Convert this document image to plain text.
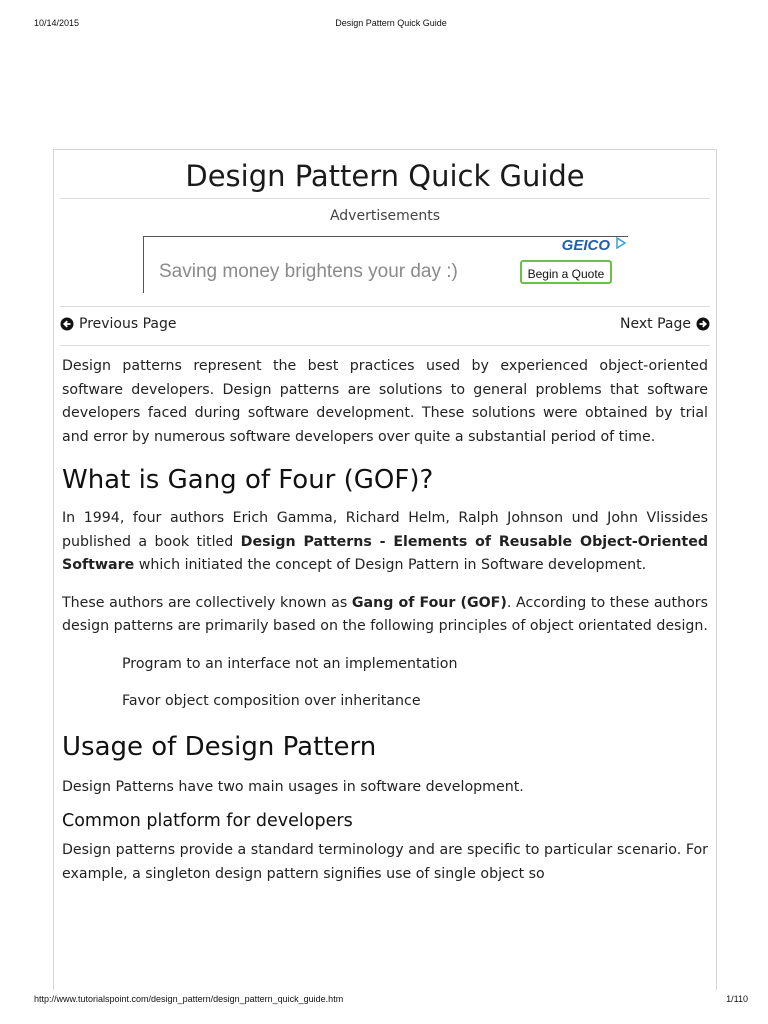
10/14/2015	Design Pattern Quick Guide
Design Pattern Quick Guide
Advertisements
GEICO
Saving money brightens your day :)	Begin a Quote
Previous Page	Next Page

Design patterns represent the best practices used by experienced object-oriented software developers. Design patterns are solutions to general problems that software developers faced during software development. These solutions were obtained by trial and error by numerous software developers over quite a substantial period of time.

What is Gang of Four (GOF)?

In 1994, four authors Erich Gamma, Richard Helm, Ralph Johnson und John Vlissides published a book titled Design Patterns - Elements of Reusable Object-Oriented Software which initiated the concept of Design Pattern in Software development.

These authors are collectively known as Gang of Four (GOF). According to these authors design patterns are primarily based on the following principles of object orientated design.

Program to an interface not an implementation
Favor object composition over inheritance
Usage of Design Pattern

Design Patterns have two main usages in software development.

Common platform for developers

Design patterns provide a standard terminology and are specific to particular scenario. For example, a singleton design pattern signifies use of single object so

http://www.tutorialspoint.com/design_pattern/design_pattern_quick_guide.htm	1/110
